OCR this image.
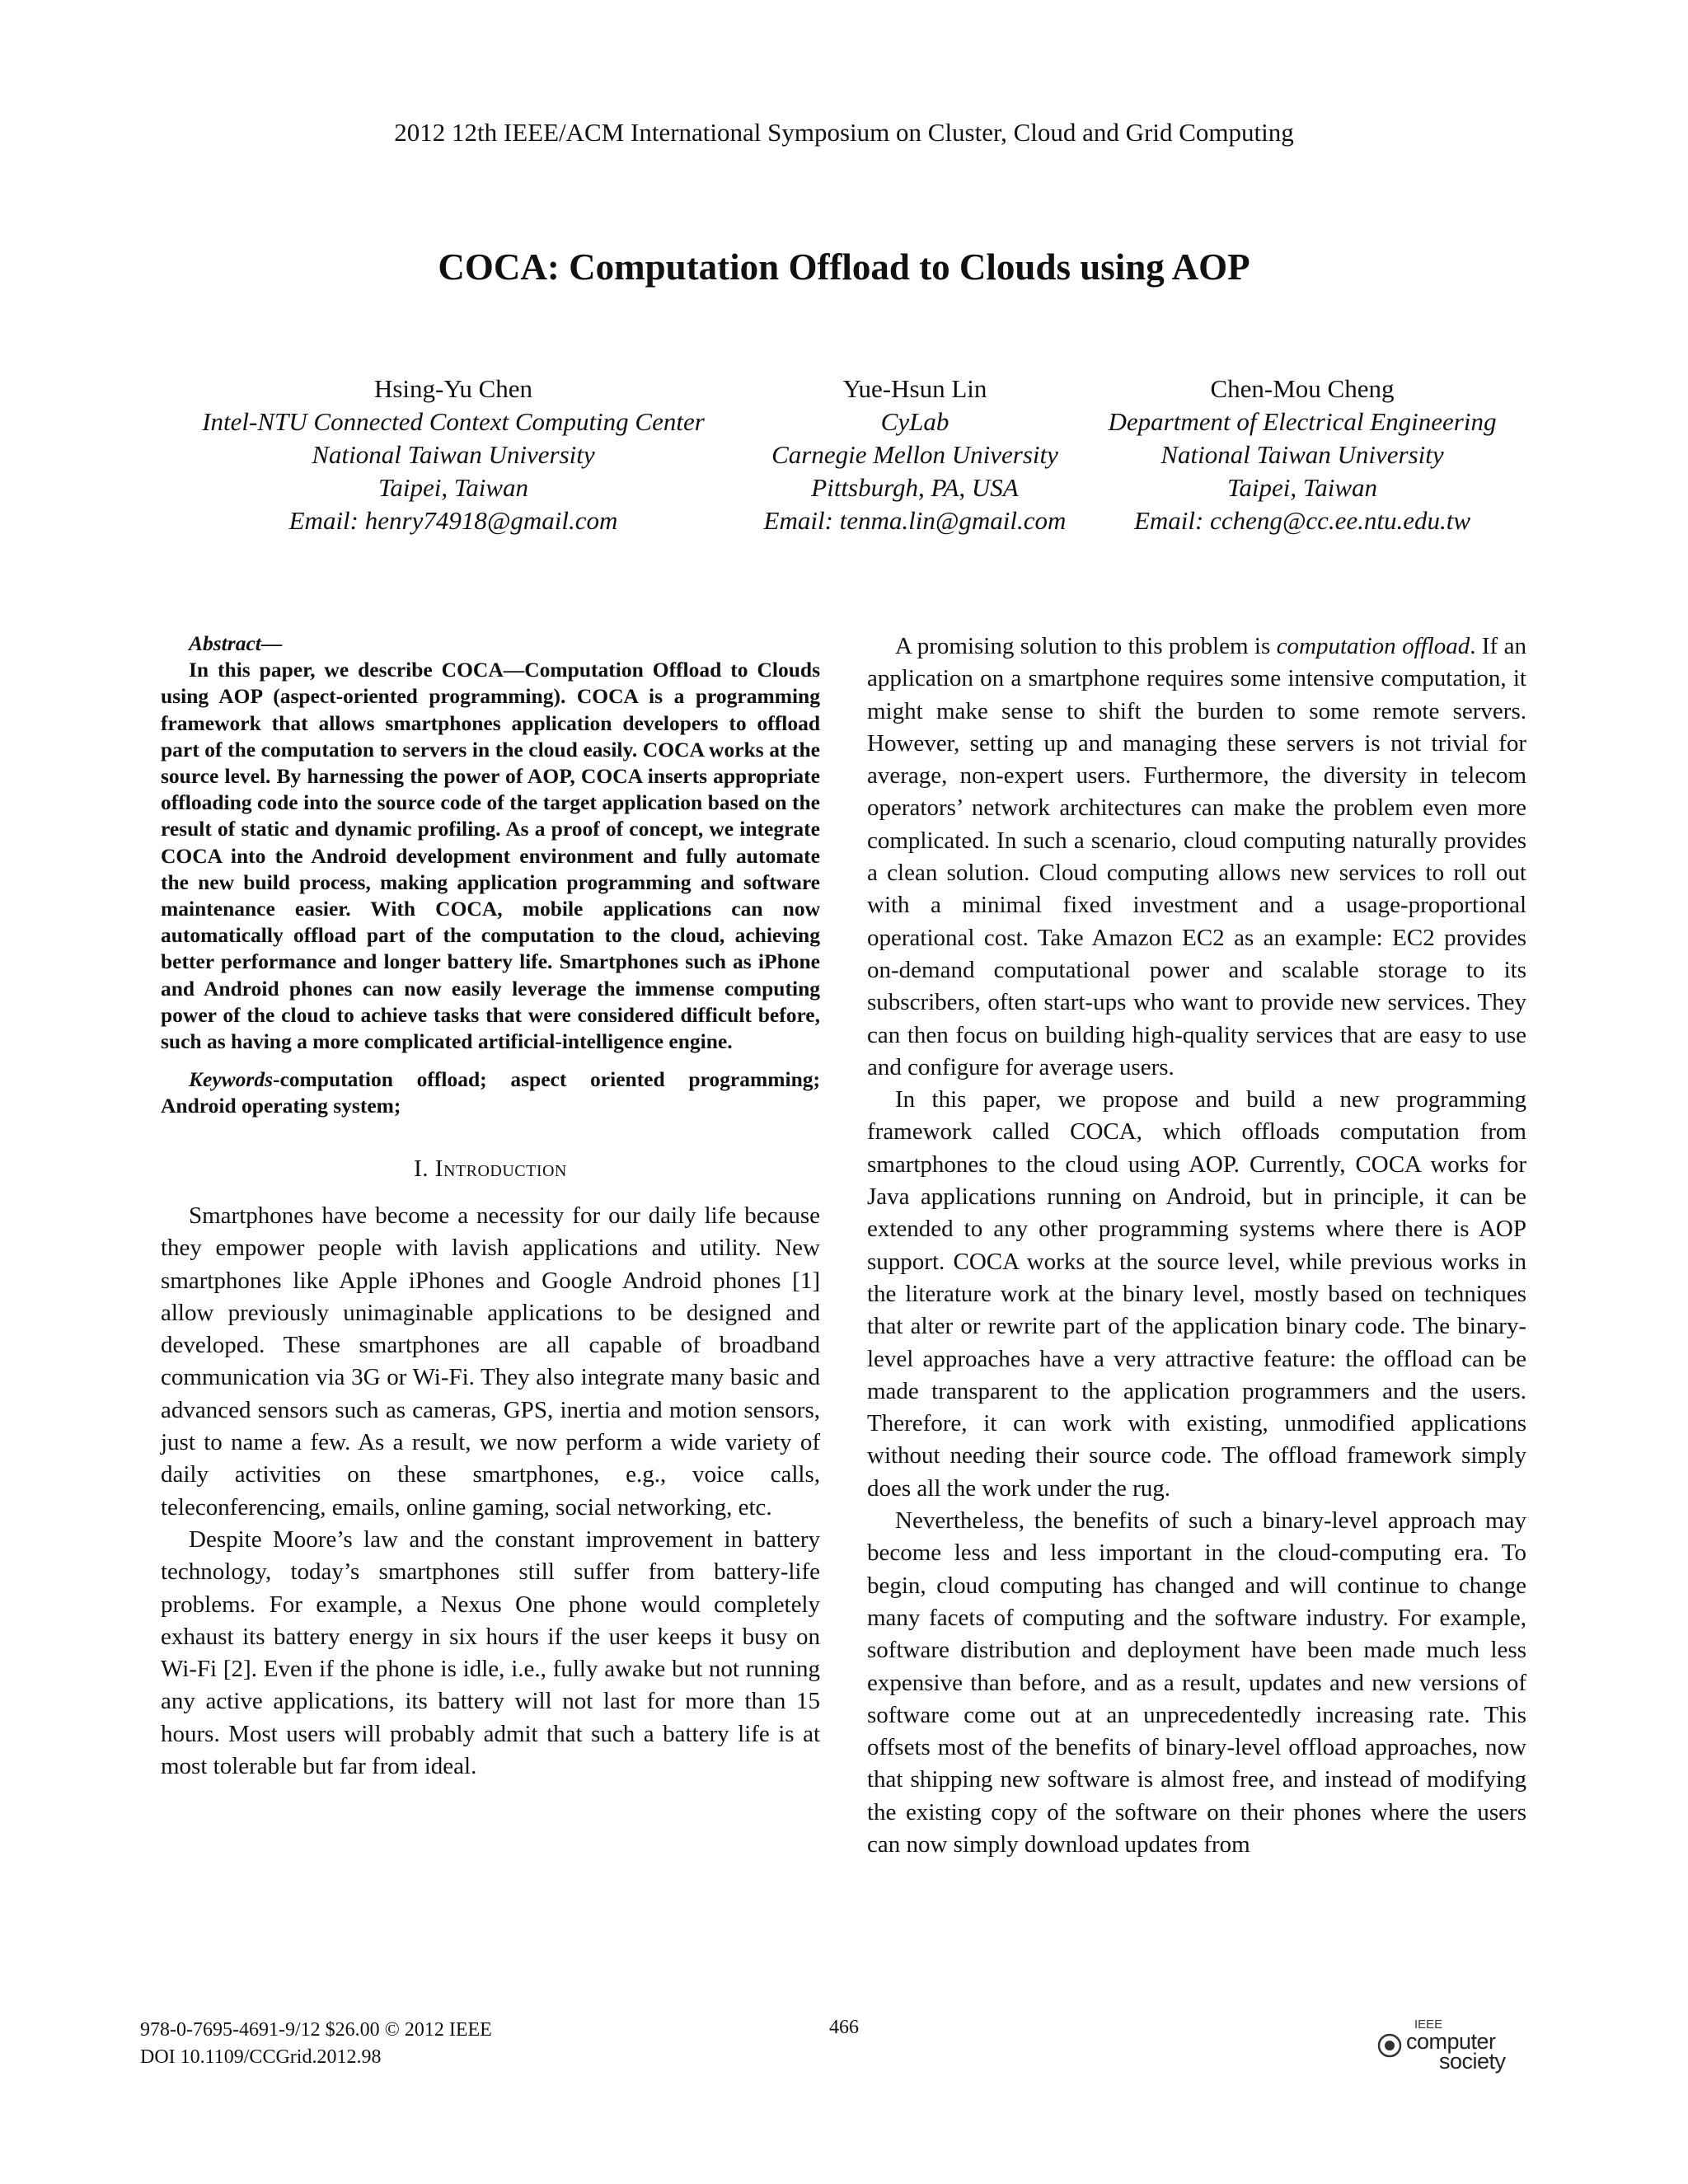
2012 12th IEEE/ACM International Symposium on Cluster, Cloud and Grid Computing
COCA: Computation Offload to Clouds using AOP
Hsing-Yu Chen
Intel-NTU Connected Context Computing Center
National Taiwan University
Taipei, Taiwan
Email: henry74918@gmail.com
Yue-Hsun Lin
CyLab
Carnegie Mellon University
Pittsburgh, PA, USA
Email: tenma.lin@gmail.com
Chen-Mou Cheng
Department of Electrical Engineering
National Taiwan University
Taipei, Taiwan
Email: ccheng@cc.ee.ntu.edu.tw
Abstract—

In this paper, we describe COCA—Computation Offload to Clouds using AOP (aspect-oriented programming). COCA is a programming framework that allows smartphones application developers to offload part of the computation to servers in the cloud easily. COCA works at the source level. By harnessing the power of AOP, COCA inserts appropriate offloading code into the source code of the target application based on the result of static and dynamic profiling. As a proof of concept, we integrate COCA into the Android development environment and fully automate the new build process, making application programming and software maintenance easier. With COCA, mobile applications can now automatically offload part of the computation to the cloud, achieving better performance and longer battery life. Smartphones such as iPhone and Android phones can now easily leverage the immense computing power of the cloud to achieve tasks that were considered difficult before, such as having a more complicated artificial-intelligence engine.

Keywords-computation offload; aspect oriented programming; Android operating system;
I. Introduction

Smartphones have become a necessity for our daily life because they empower people with lavish applications and utility. New smartphones like Apple iPhones and Google Android phones [1] allow previously unimaginable applications to be designed and developed. These smartphones are all capable of broadband communication via 3G or Wi-Fi. They also integrate many basic and advanced sensors such as cameras, GPS, inertia and motion sensors, just to name a few. As a result, we now perform a wide variety of daily activities on these smartphones, e.g., voice calls, teleconferencing, emails, online gaming, social networking, etc.

Despite Moore’s law and the constant improvement in battery technology, today’s smartphones still suffer from battery-life problems. For example, a Nexus One phone would completely exhaust its battery energy in six hours if the user keeps it busy on Wi-Fi [2]. Even if the phone is idle, i.e., fully awake but not running any active applications, its battery will not last for more than 15 hours. Most users will probably admit that such a battery life is at most tolerable but far from ideal.

A promising solution to this problem is computation offload. If an application on a smartphone requires some intensive computation, it might make sense to shift the burden to some remote servers. However, setting up and managing these servers is not trivial for average, non-expert users. Furthermore, the diversity in telecom operators’ network architectures can make the problem even more complicated. In such a scenario, cloud computing naturally provides a clean solution. Cloud computing allows new services to roll out with a minimal fixed investment and a usage-proportional operational cost. Take Amazon EC2 as an example: EC2 provides on-demand computational power and scalable storage to its subscribers, often start-ups who want to provide new services. They can then focus on building high-quality services that are easy to use and configure for average users.

In this paper, we propose and build a new programming framework called COCA, which offloads computation from smartphones to the cloud using AOP. Currently, COCA works for Java applications running on Android, but in principle, it can be extended to any other programming systems where there is AOP support. COCA works at the source level, while previous works in the literature work at the binary level, mostly based on techniques that alter or rewrite part of the application binary code. The binary-level approaches have a very attractive feature: the offload can be made transparent to the application programmers and the users. Therefore, it can work with existing, unmodified applications without needing their source code. The offload framework simply does all the work under the rug.

Nevertheless, the benefits of such a binary-level approach may become less and less important in the cloud-computing era. To begin, cloud computing has changed and will continue to change many facets of computing and the software industry. For example, software distribution and deployment have been made much less expensive than before, and as a result, updates and new versions of software come out at an unprecedentedly increasing rate. This offsets most of the benefits of binary-level offload approaches, now that shipping new software is almost free, and instead of modifying the existing copy of the software on their phones where the users can now simply download updates from

978-0-7695-4691-9/12 $26.00 © 2012 IEEE
DOI 10.1109/CCGrid.2012.98
466	IEEE
computer
society
